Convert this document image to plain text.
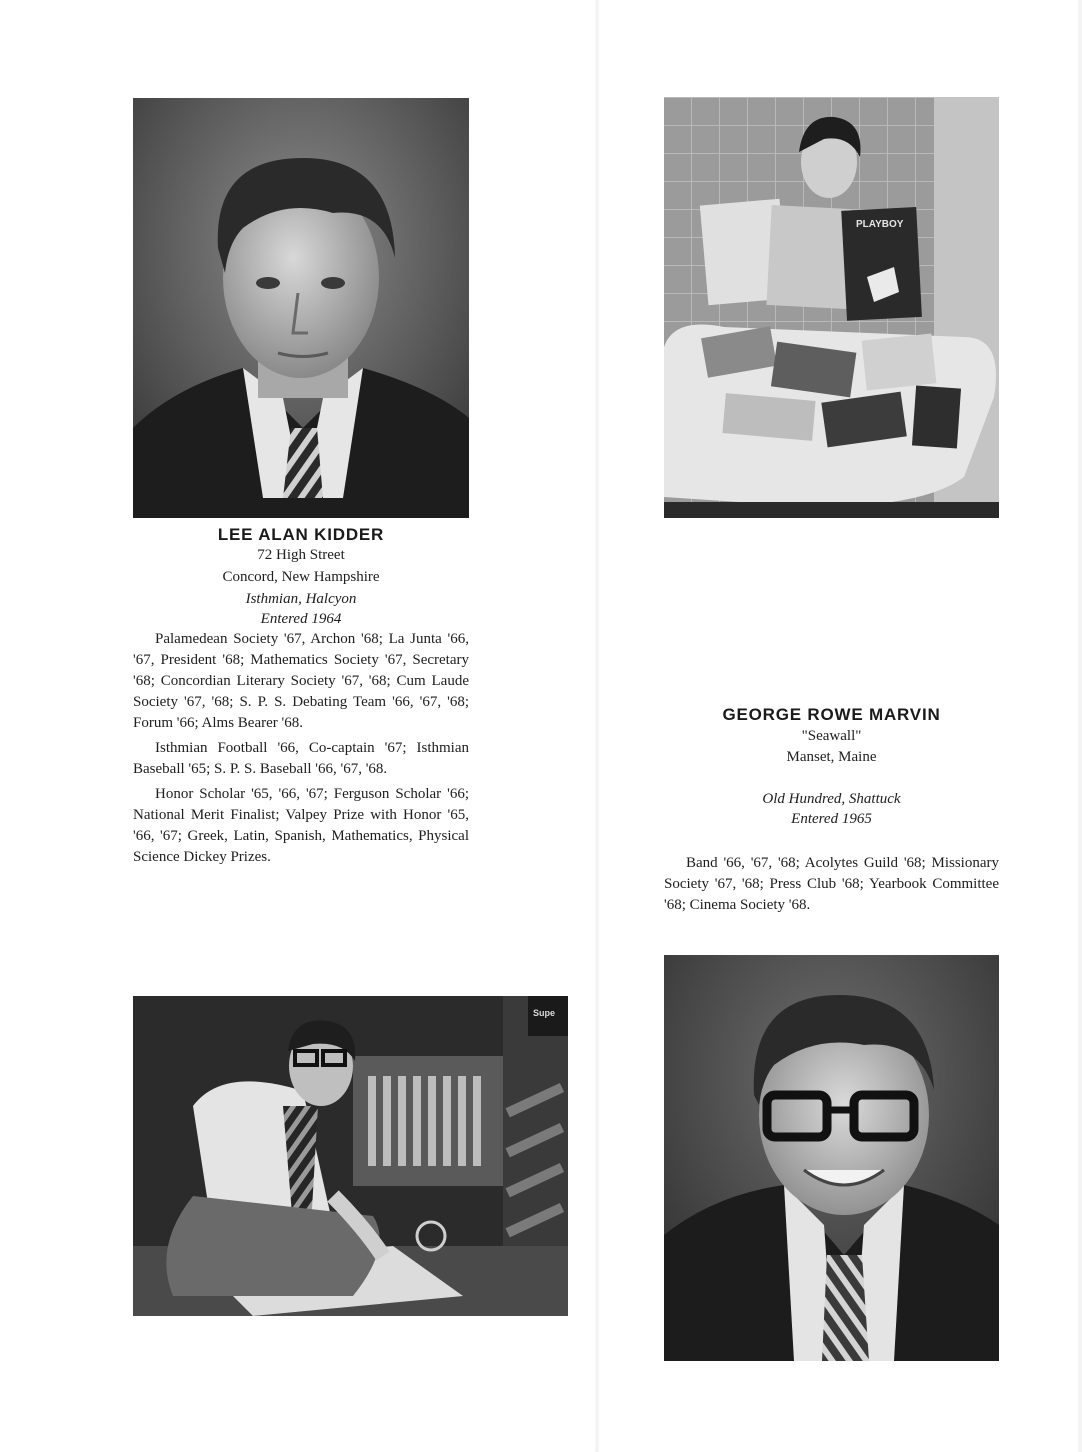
LEE ALAN KIDDER
72 High Street
Concord, New Hampshire
Isthmian, Halcyon
Entered 1964

Palamedean Society '67, Archon '68; La Junta '66, '67, President '68; Mathematics Society '67, Secretary '68; Concordian Literary Society '67, '68; Cum Laude Society '67, '68; S. P. S. Debating Team '66, '67, '68; Forum '66; Alms Bearer '68.

Isthmian Football '66, Co-captain '67; Isthmian Baseball '65; S. P. S. Baseball '66, '67, '68.

Honor Scholar '65, '66, '67; Ferguson Scholar '66; National Merit Finalist; Valpey Prize with Honor '65, '66, '67; Greek, Latin, Spanish, Mathematics, Physical Science Dickey Prizes.

Supe
PLAYBOY
GEORGE ROWE MARVIN
"Seawall"
Manset, Maine
Old Hundred, Shattuck
Entered 1965

Band '66, '67, '68; Acolytes Guild '68; Missionary Society '67, '68; Press Club '68; Yearbook Committee '68; Cinema Society '68.
